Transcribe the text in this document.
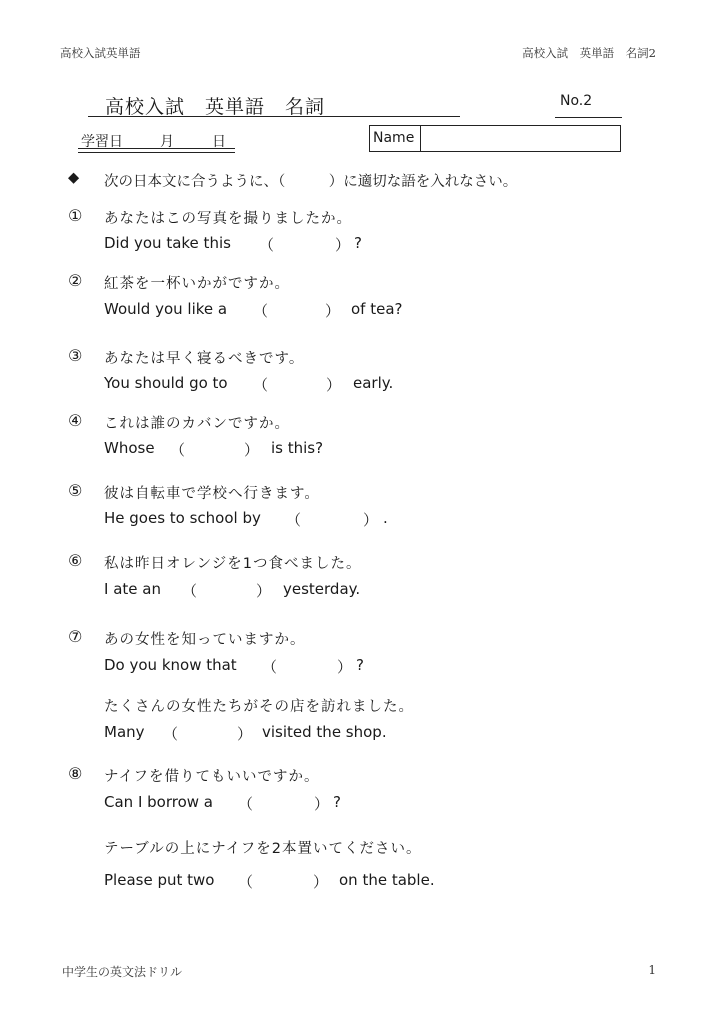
高校入試英単語	高校入試　英単語　名詞2
高校入試　英単語　名詞	No.2
学習日	月	日	Name
◆ 次の日本文に合うように、（　　　）に適切な語を入れなさい。
① あなたはこの写真を撮りましたか。
Did you take this （	） ?
② 紅茶を一杯いかがですか。
Would you like a （	） of tea?
③ あなたは早く寝るべきです。
You should go to （	） early.
④ これは誰のカバンですか。
Whose （	） is this?
⑤ 彼は自転車で学校へ行きます。
He goes to school by （	） .
⑥ 私は昨日オレンジを1つ食べました。
I ate an （	） yesterday.
⑦ あの女性を知っていますか。
Do you know that （	） ?
たくさんの女性たちがその店を訪れました。
Many （	） visited the shop.
⑧ ナイフを借りてもいいですか。
Can I borrow a （	） ?
テーブルの上にナイフを2本置いてください。
Please put two （	） on the table.
中学生の英文法ドリル	1
